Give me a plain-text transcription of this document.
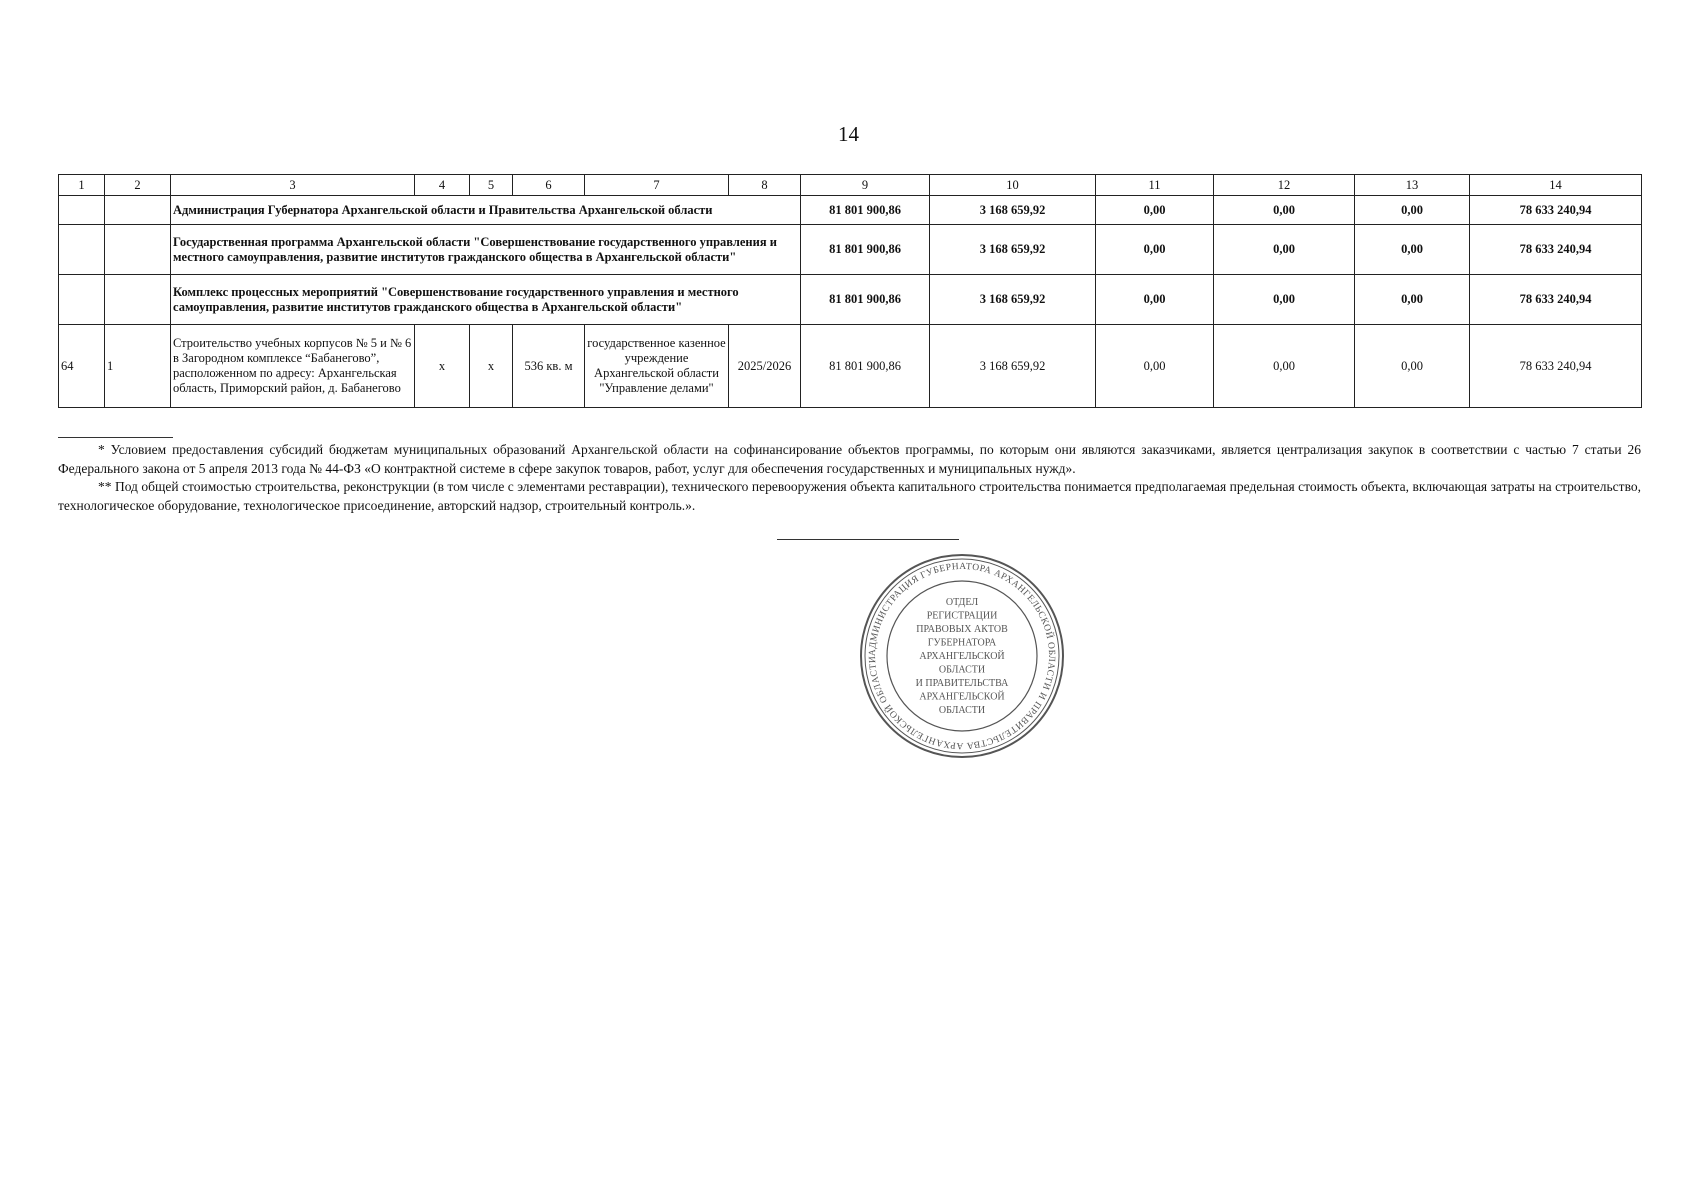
14
1	2	3	4	5	6	7	8	9	10	11	12	13	14
		Администрация Губернатора Архангельской области и Правительства Архангельской области						81 801 900,86	3 168 659,92	0,00	0,00	0,00	78 633 240,94
		Государственная программа Архангельской области "Совершенствование государственного управления и местного самоуправления, развитие институтов гражданского общества в Архангельской области"						81 801 900,86	3 168 659,92	0,00	0,00	0,00	78 633 240,94
		Комплекс процессных мероприятий "Совершенствование государственного управления и местного самоуправления, развитие институтов гражданского общества в Архангельской области"						81 801 900,86	3 168 659,92	0,00	0,00	0,00	78 633 240,94
64	1	Строительство учебных корпусов № 5 и № 6 в Загородном комплексе “Бабанегово”, расположенном по адресу: Архангельская область, Приморский район, д. Бабанегово	х	х	536 кв. м	государственное казенное учреждение Архангельской области "Управление делами"	2025/2026	81 801 900,86	3 168 659,92	0,00	0,00	0,00	78 633 240,94

* Условием предоставления субсидий бюджетам муниципальных образований Архангельской области на софинансирование объектов программы, по которым они являются заказчиками, является централизация закупок в соответствии с частью 7 статьи 26 Федерального закона от 5 апреля 2013 года № 44-ФЗ «О контрактной системе в сфере закупок товаров, работ, услуг для обеспечения государственных и муниципальных нужд».

** Под общей стоимостью строительства, реконструкции (в том числе с элементами реставрации), технического перевооружения объекта капитального строительства понимается предполагаемая предельная стоимость объекта, включающая затраты на строительство, технологическое оборудование, технологическое присоединение, авторский надзор, строительный контроль.».

АДМИНИСТРАЦИЯ ГУБЕРНАТОРА АРХАНГЕЛЬСКОЙ ОБЛАСТИ И ПРАВИТЕЛЬСТВА АРХАНГЕЛЬСКОЙ ОБЛАСТИ
ОТДЕЛ
РЕГИСТРАЦИИ
ПРАВОВЫХ АКТОВ
ГУБЕРНАТОРА
АРХАНГЕЛЬСКОЙ
ОБЛАСТИ
И ПРАВИТЕЛЬСТВА
АРХАНГЕЛЬСКОЙ
ОБЛАСТИ
